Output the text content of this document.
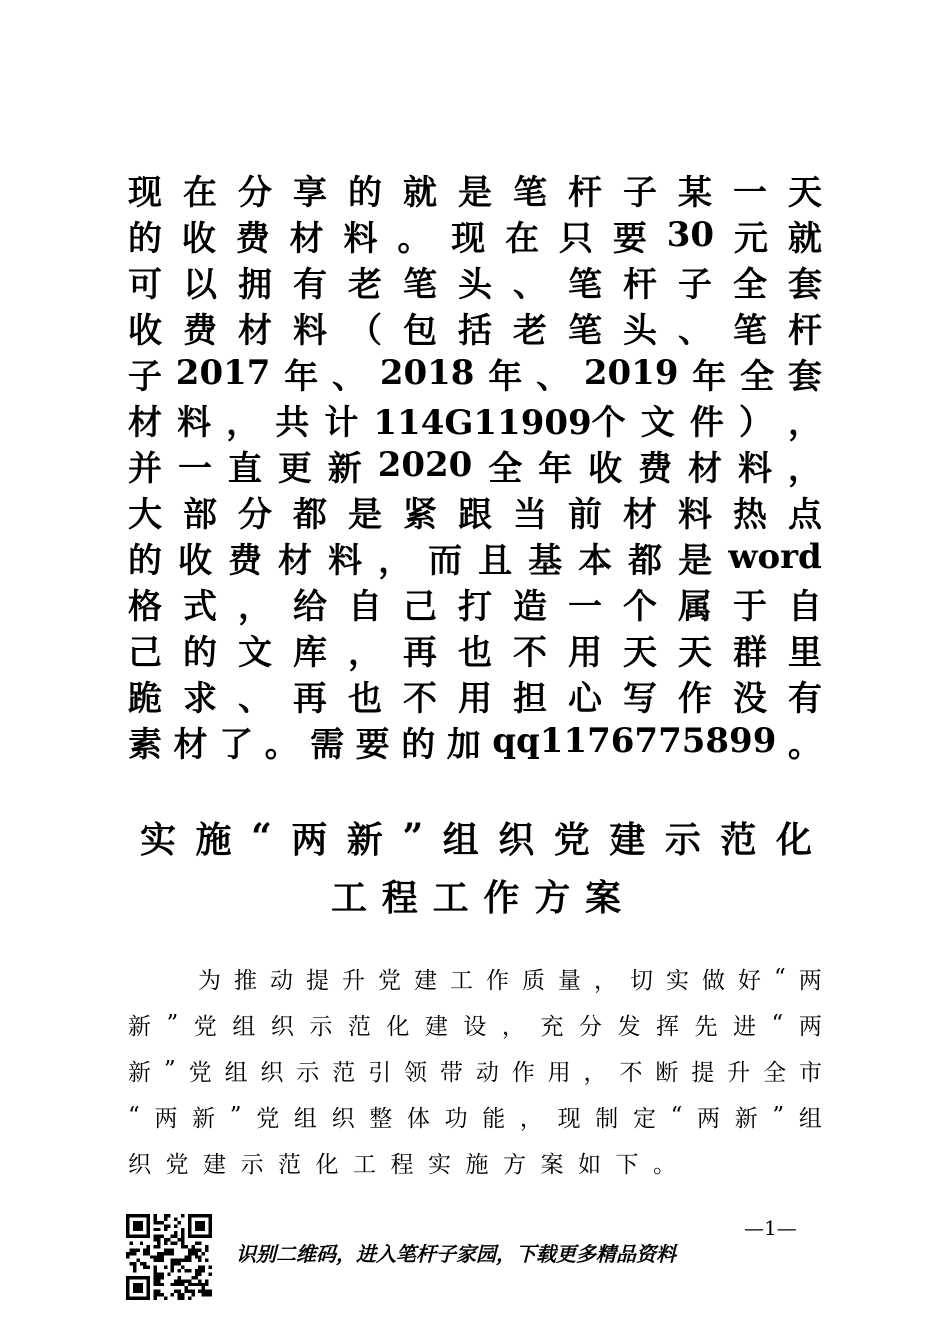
现 在 分 享 的 就 是 笔 杆 子 某 一 天
的 收 费 材 料 。 现 在 只 要 30 元 就
可 以 拥 有 老 笔 头 、 笔 杆 子 全 套
收 费 材 料 （ 包 括 老 笔 头 、 笔 杆
子 2017 年 、 2018 年 、 2019 年 全 套
材 料 ， 共 计 114G11909个 文 件 ） ，
并 一 直 更 新 2020 全 年 收 费 材 料 ，
大 部 分 都 是 紧 跟 当 前 材 料 热 点
的 收 费 材 料 ， 而 且 基 本 都 是 word
格 式 ， 给 自 己 打 造 一 个 属 于 自
己 的 文 库 ， 再 也 不 用 天 天 群 里
跪 求 、 再 也 不 用 担 心 写 作 没 有
素 材 了 。 需 要 的 加 qq1176775899 。
实 施 “ 两 新 ” 组 织 党 建 示 范 化
工 程 工 作 方 案
为 推 动 提 升 党 建 工 作 质 量 ， 切 实 做 好 “ 两
新 ” 党 组 织 示 范 化 建 设 ， 充 分 发 挥 先 进 “ 两
新 ” 党 组 织 示 范 引 领 带 动 作 用 ， 不 断 提 升 全 市
“ 两 新 ” 党 组 织 整 体 功 能 ， 现 制 定 “ 两 新 ” 组
织 党 建 示 范 化 工 程 实 施 方 案 如 下 。
识别二维码，进入笔杆子家园，下载更多精品资料
—1—
